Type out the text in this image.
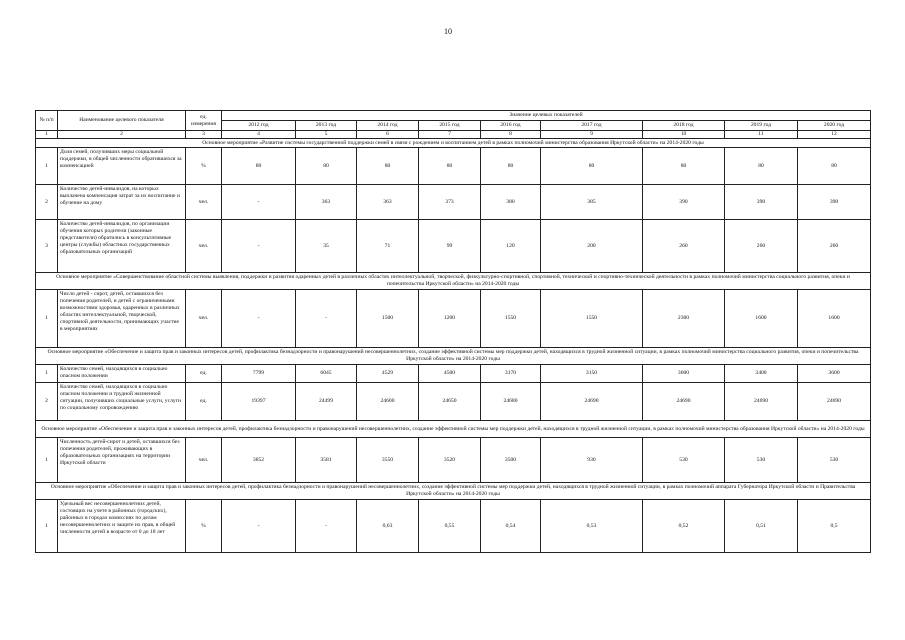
10
№ п/п	Наименование целевого показателя	ед. измерения	Значение целевых показателей								
			2012 год	2013 год	2014 год	2015 год	2016 год	2017 год	2018 год	2019 год	2020 год
1	2	3	4	5	6	7	8	9	10	11	12
Основное мероприятие «Развитие системы государственной поддержки семей в связи с рождением и воспитанием детей в рамках полномочий министерства образования Иркутской области» на 2014-2020 годы											
1	Доля семей, получивших меры социальной поддержки, в общей численности обратившихся за компенсацией	%	80	80	80	80	80	80	80	80	80
2	Количество детей-инвалидов, на которых выплачена компенсация затрат за их воспитание и обучение на дому	чел.	-	363	363	373	380	385	390	390	390
3	Количество детей-инвалидов, по организации обучения которых родители (законные представители) обратились в консультативные центры (службы) областных государственных образовательных организаций	чел.	-	35	71	99	120	200	260	260	260
Основное мероприятие «Совершенствование областной системы выявления, поддержки и развития одаренных детей в различных областях интеллектуальной, творческой, физкультурно-спортивной, спортивной, технической и спортивно-технической деятельности в рамках полномочий министерства социального развития, опеки и попечительства Иркутской области» на 2014-2020 годы											
1	Число детей - сирот, детей, оставшихся без попечения родителей, и детей с ограниченными возможностями здоровья, одаренных в различных областях интеллектуальной, творческой, спортивной деятельности, принимающих участие в мероприятиях	чел.	-	-	1500	1200	1550	1550	2300	1600	1600
Основное мероприятие «Обеспечение и защита прав и законных интересов детей, профилактика безнадзорности и правонарушений несовершеннолетних, создание эффективной системы мер поддержки детей, находящихся в трудной жизненной ситуации, в рамках полномочий министерства социального развития, опеки и попечительства Иркутской области» на 2014-2020 годы											
1	Количество семей, находящихся в социально опасном положении	ед.	7799	6045	4529	4500	3170	3150	3600	3400	3600
2	Количество семей, находящихся в социально опасном положении и трудной жизненной ситуации, получивших социальные услуги, услуги по социальному сопровождению	ед.	19397	24499	24600	24650	24680	24690	24690	24690	24690
Основное мероприятие «Обеспечение и защита прав и законных интересов детей, профилактика безнадзорности и правонарушений несовершеннолетних, создание эффективной системы мер поддержки детей, находящихся в трудной жизненной ситуации, в рамках полномочий министерства образования Иркутской области» на 2014-2020 годы											
1	Численность детей-сирот и детей, оставшихся без попечения родителей, проживающих в образовательных организациях на территории Иркутской области	чел.	3852	3581	3550	3520	3500	930	530	530	530
Основное мероприятие «Обеспечение и защита прав и законных интересов детей, профилактика безнадзорности и правонарушений несовершеннолетних, создание эффективной системы мер поддержки детей, находящихся в трудной жизненной ситуации, в рамках полномочий аппарата Губернатора Иркутской области и Правительства Иркутской области» на 2014-2020 годы											
1	Удельный вес несовершеннолетних детей, состоящих на учете в районных (городских), районных в городах комиссиях по делам несовершеннолетних и защите их прав, в общей численности детей в возрасте от 0 до 18 лет	%	-	-	0,63	0,55	0,54	0,53	0,52	0,51	0,5
